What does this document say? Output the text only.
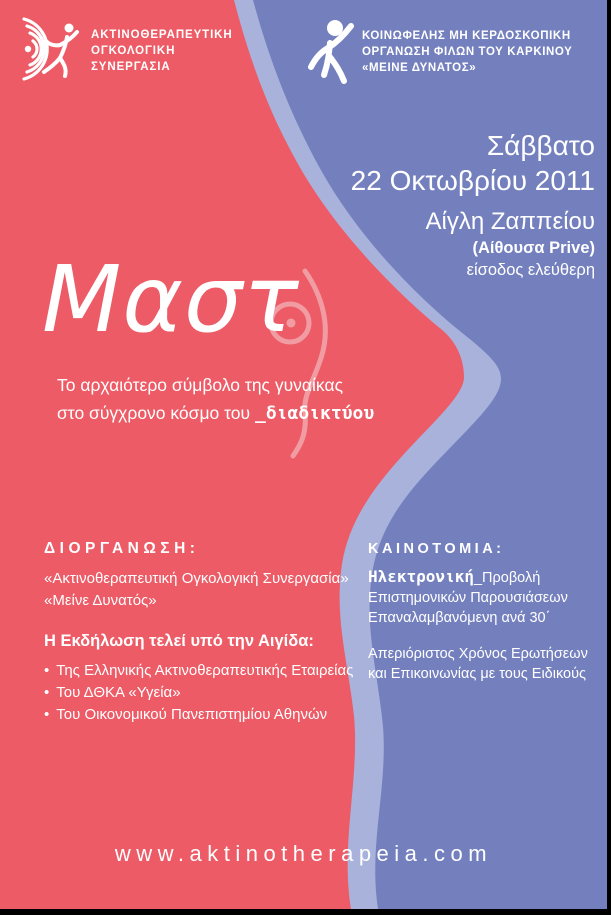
ΑΚΤΙΝΟΘΕΡΑΠΕΥΤΙΚΗ
ΟΓΚΟΛΟΓΙΚΗ
ΣΥΝΕΡΓΑΣΙΑ
ΚΟΙΝΩΦΕΛΗΣ ΜΗ ΚΕΡΔΟΣΚΟΠΙΚΗ
ΟΡΓΑΝΩΣΗ ΦΙΛΩΝ ΤΟΥ ΚΑΡΚΙΝΟΥ
«ΜΕΙΝΕ ΔΥΝΑΤΟΣ»
Σάββατο
22 Οκτωβρίου 2011
Αίγλη Ζαππείου
(Αίθουσα Prive)
είσοδος ελεύθερη
Μαστ
Το αρχαιότερο σύμβολο της γυναίκας
στο σύγχρονο κόσμο του _διαδικτύου
ΔΙΟΡΓΑΝΩΣΗ:
«Ακτινοθεραπευτική Ογκολογική Συνεργασία»
«Μείνε Δυνατός»
Η Εκδήλωση τελεί υπό την Αιγίδα:
• Της Ελληνικής Ακτινοθεραπευτικής Εταιρείας
• Του ΔΘΚΑ «Υγεία»
• Του Οικονομικού Πανεπιστημίου Αθηνών
ΚΑΙΝΟΤΟΜΙΑ:
Ηλεκτρονική_Προβολή
Επιστημονικών Παρουσιάσεων
Επαναλαμβανόμενη ανά 30΄
Απεριόριστος Χρόνος Ερωτήσεων
και Επικοινωνίας με τους Ειδικούς
www.aktinotherapeia.com
